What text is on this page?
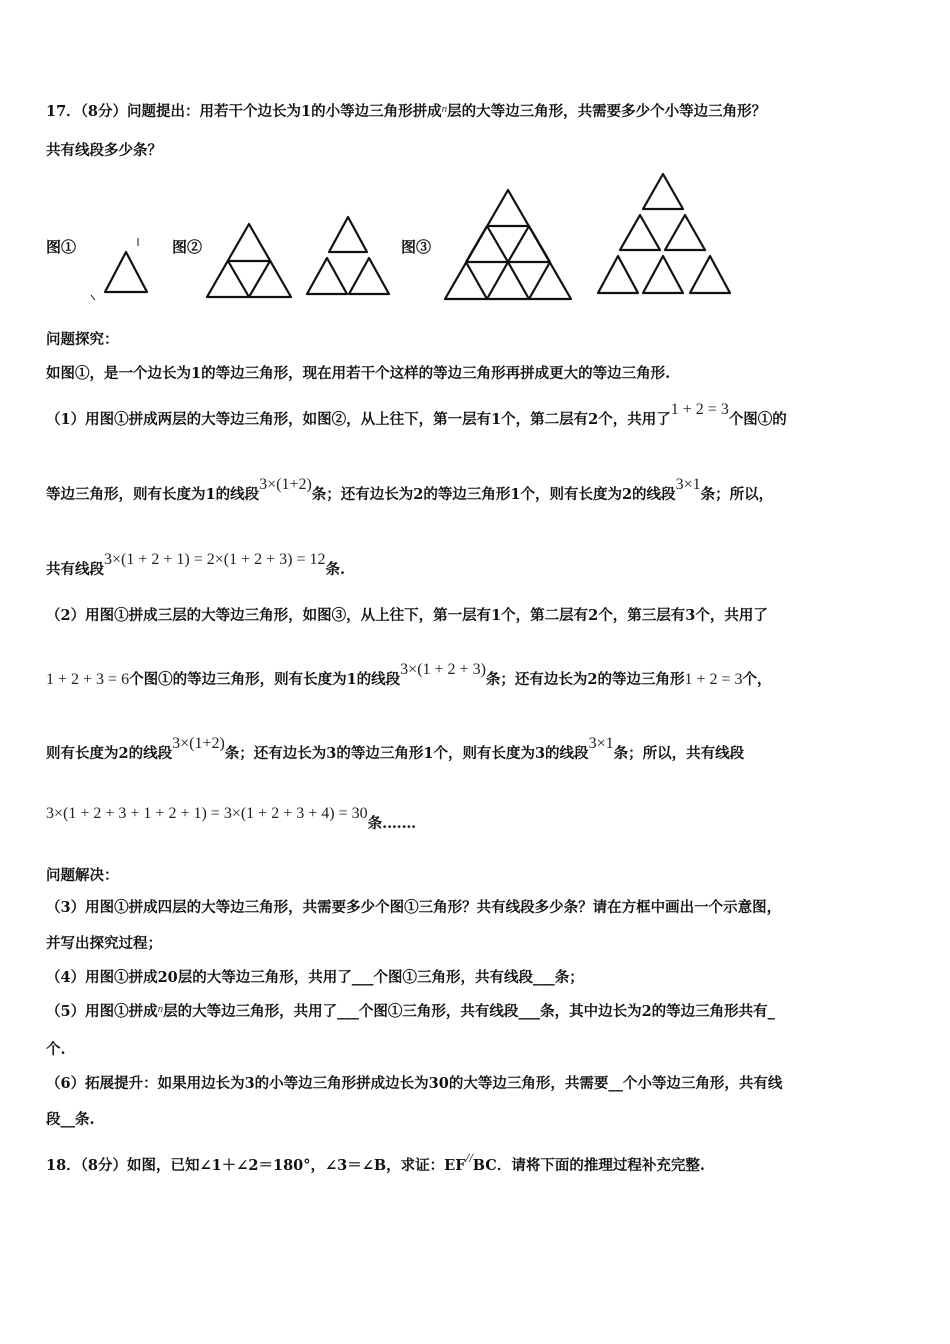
17．（8分）问题提出：用若干个边长为1的小等边三角形拼成$^n$层的大等边三角形，共需要多少个小等边三角形？
共有线段多少条？
图①	图②	图③
问题探究：
如图①，是一个边长为1的等边三角形，现在用若干个这样的等边三角形再拼成更大的等边三角形.
（1）用图①拼成两层的大等边三角形，如图②，从上往下，第一层有1个，第二层有2个，共用了1 + 2 = 3个图①的
等边三角形，则有长度为1的线段3×(1+2)条；还有边长为2的等边三角形1个，则有长度为2的线段3×1条；所以，
共有线段3×(1 + 2 + 1) = 2×(1 + 2 + 3) = 12条.
（2）用图①拼成三层的大等边三角形，如图③，从上往下，第一层有1个，第二层有2个，第三层有3个，共用了
1 + 2 + 3 = 6个图①的等边三角形，则有长度为1的线段3×(1 + 2 + 3)条；还有边长为2的等边三角形1 + 2 = 3个，
则有长度为2的线段3×(1+2)条；还有边长为3的等边三角形1个，则有长度为3的线段3×1条；所以，共有线段
3×(1 + 2 + 3 + 1 + 2 + 1) = 3×(1 + 2 + 3 + 4) = 30条.……
问题解决：
（3）用图①拼成四层的大等边三角形，共需要多少个图①三角形？共有线段多少条？请在方框中画出一个示意图，
并写出探究过程；
（4）用图①拼成20层的大等边三角形，共用了___个图①三角形，共有线段___条；
（5）用图①拼成$^n$层的大等边三角形，共用了___个图①三角形，共有线段___条，其中边长为2的等边三角形共有_
个.
（6）拓展提升：如果用边长为3的小等边三角形拼成边长为30的大等边三角形，共需要__个小等边三角形，共有线
段__条.
18．（8分）如图，已知∠1＋∠2＝180°，∠3＝∠B，求证：EF//BC．请将下面的推理过程补充完整.
